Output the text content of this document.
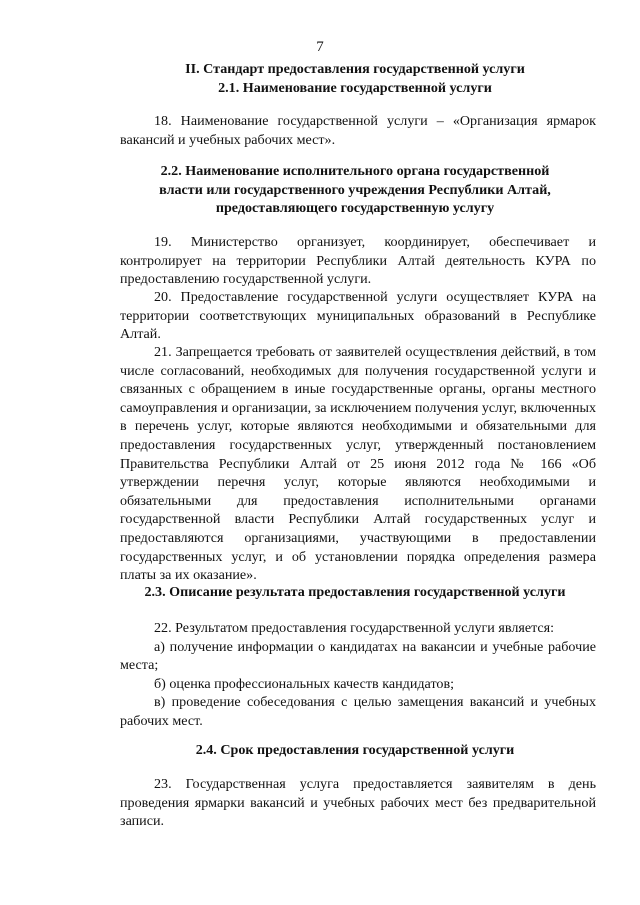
7
II. Стандарт предоставления государственной услуги
2.1. Наименование государственной услуги
18. Наименование государственной услуги – «Организация ярмарок вакансий и учебных рабочих мест».
2.2. Наименование исполнительного органа государственной
власти или государственного учреждения Республики Алтай,
предоставляющего государственную услугу
19. Министерство организует, координирует, обеспечивает и контролирует на территории Республики Алтай деятельность КУРА по предоставлению государственной услуги.
20. Предоставление государственной услуги осуществляет КУРА на территории соответствующих муниципальных образований в Республике Алтай.
21. Запрещается требовать от заявителей осуществления действий, в том числе согласований, необходимых для получения государственной услуги и связанных с обращением в иные государственные органы, органы местного самоуправления и организации, за исключением получения услуг, включенных в перечень услуг, которые являются необходимыми и обязательными для предоставления государственных услуг, утвержденный постановлением Правительства Республики Алтай от 25 июня 2012 года № 166 «Об утверждении перечня услуг, которые являются необходимыми и обязательными для предоставления исполнительными органами государственной власти Республики Алтай государственных услуг и предоставляются организациями, участвующими в предоставлении государственных услуг, и об установлении порядка определения размера платы за их оказание».
2.3. Описание результата предоставления государственной услуги
22. Результатом предоставления государственной услуги является:
а) получение информации о кандидатах на вакансии и учебные рабочие места;
б) оценка профессиональных качеств кандидатов;
в) проведение собеседования с целью замещения вакансий и учебных рабочих мест.
2.4. Срок предоставления государственной услуги
23. Государственная услуга предоставляется заявителям в день проведения ярмарки вакансий и учебных рабочих мест без предварительной записи.
